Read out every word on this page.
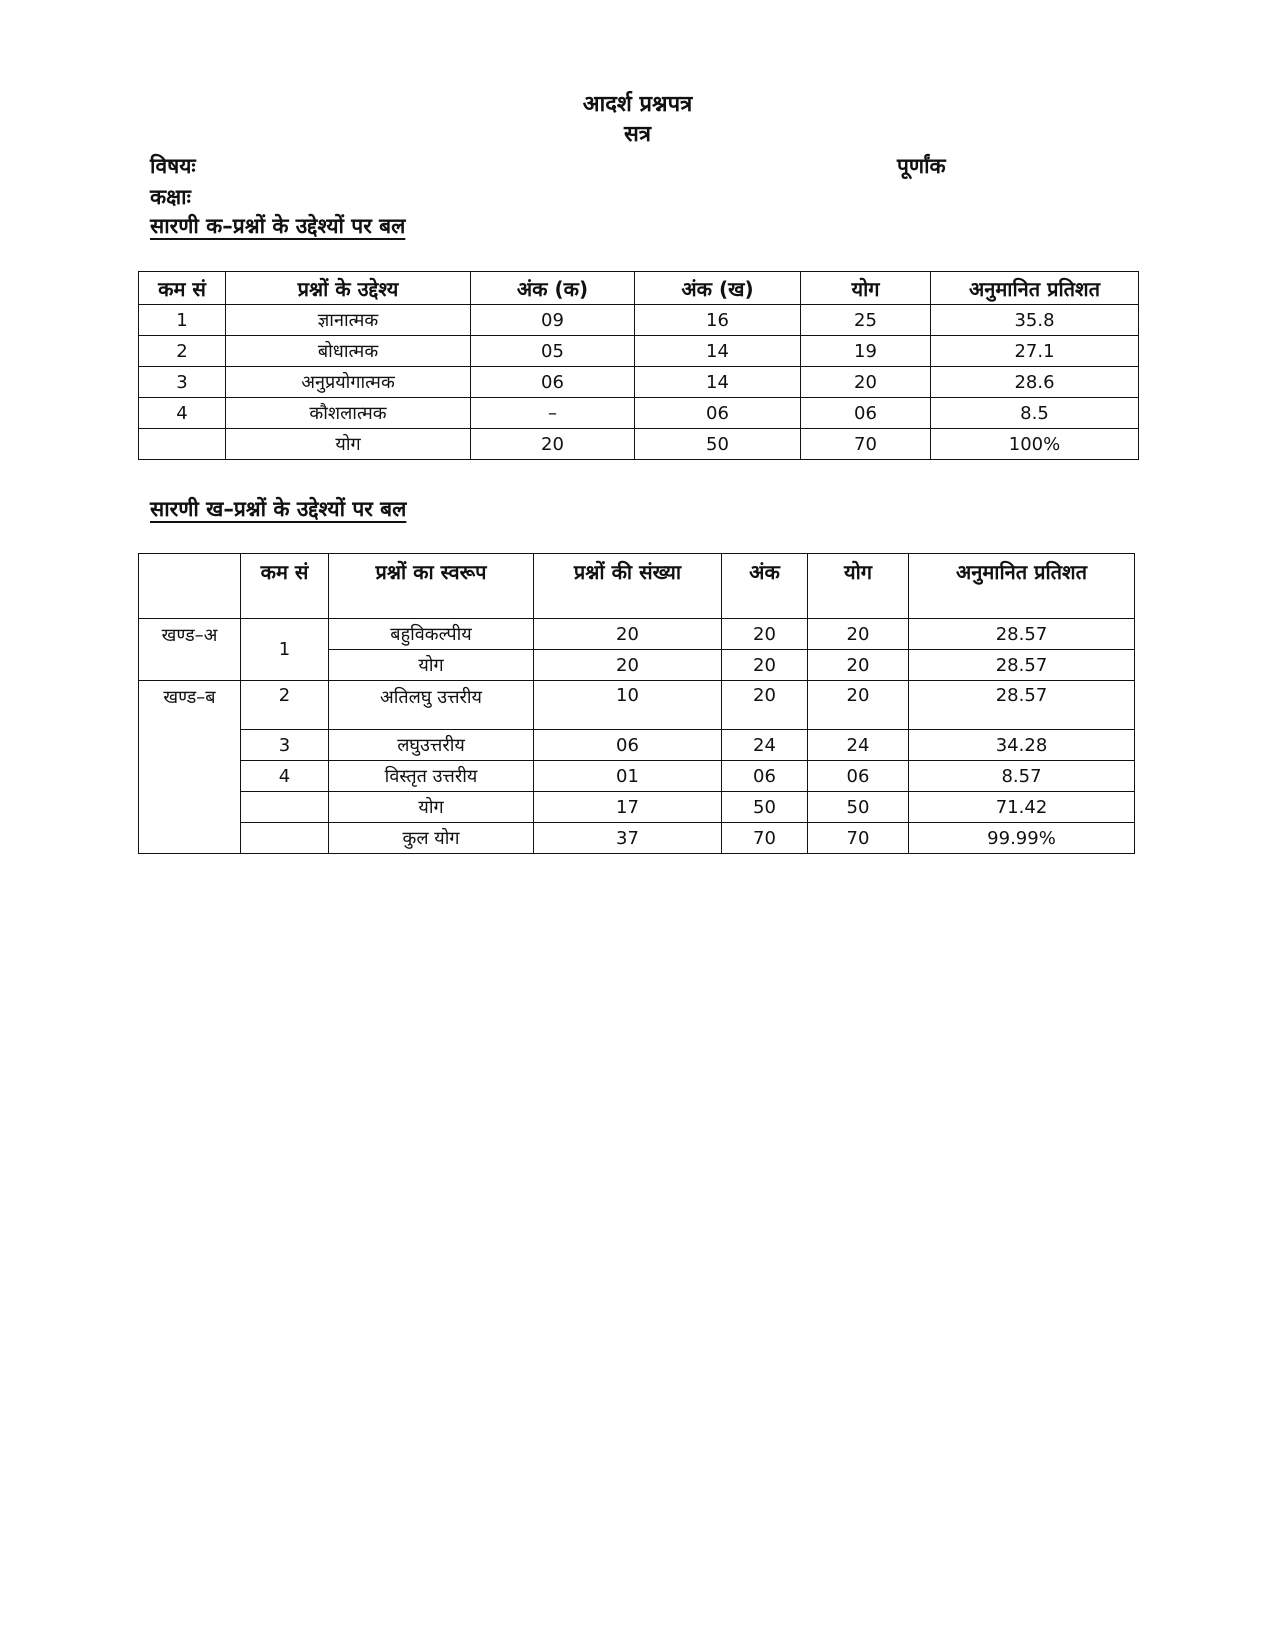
आदर्श प्रश्नपत्र
सत्र
विषयः	पूर्णांक
कक्षाः
सारणी क–प्रश्नों के उद्देश्यों पर बल
कम सं	प्रश्नों के उद्देश्य	अंक (क)	अंक (ख)	योग	अनुमानित प्रतिशत
1	ज्ञानात्मक	09	16	25	35.8
2	बोधात्मक	05	14	19	27.1
3	अनुप्रयोगात्मक	06	14	20	28.6
4	कौशलात्मक	–	06	06	8.5
	योग	20	50	70	100%
सारणी ख–प्रश्नों के उद्देश्यों पर बल
	कम सं	प्रश्नों का स्वरूप	प्रश्नों की संख्या	अंक	योग	अनुमानित प्रतिशत
खण्ड–अ	1	बहुविकल्पीय	20	20	20	28.57
		योग	20	20	20	28.57
खण्ड–ब	2	अतिलघु उत्तरीय	10	20	20	28.57
	3	लघुउत्तरीय	06	24	24	34.28
	4	विस्तृत उत्तरीय	01	06	06	8.57
		योग	17	50	50	71.42
		कुल योग	37	70	70	99.99%
